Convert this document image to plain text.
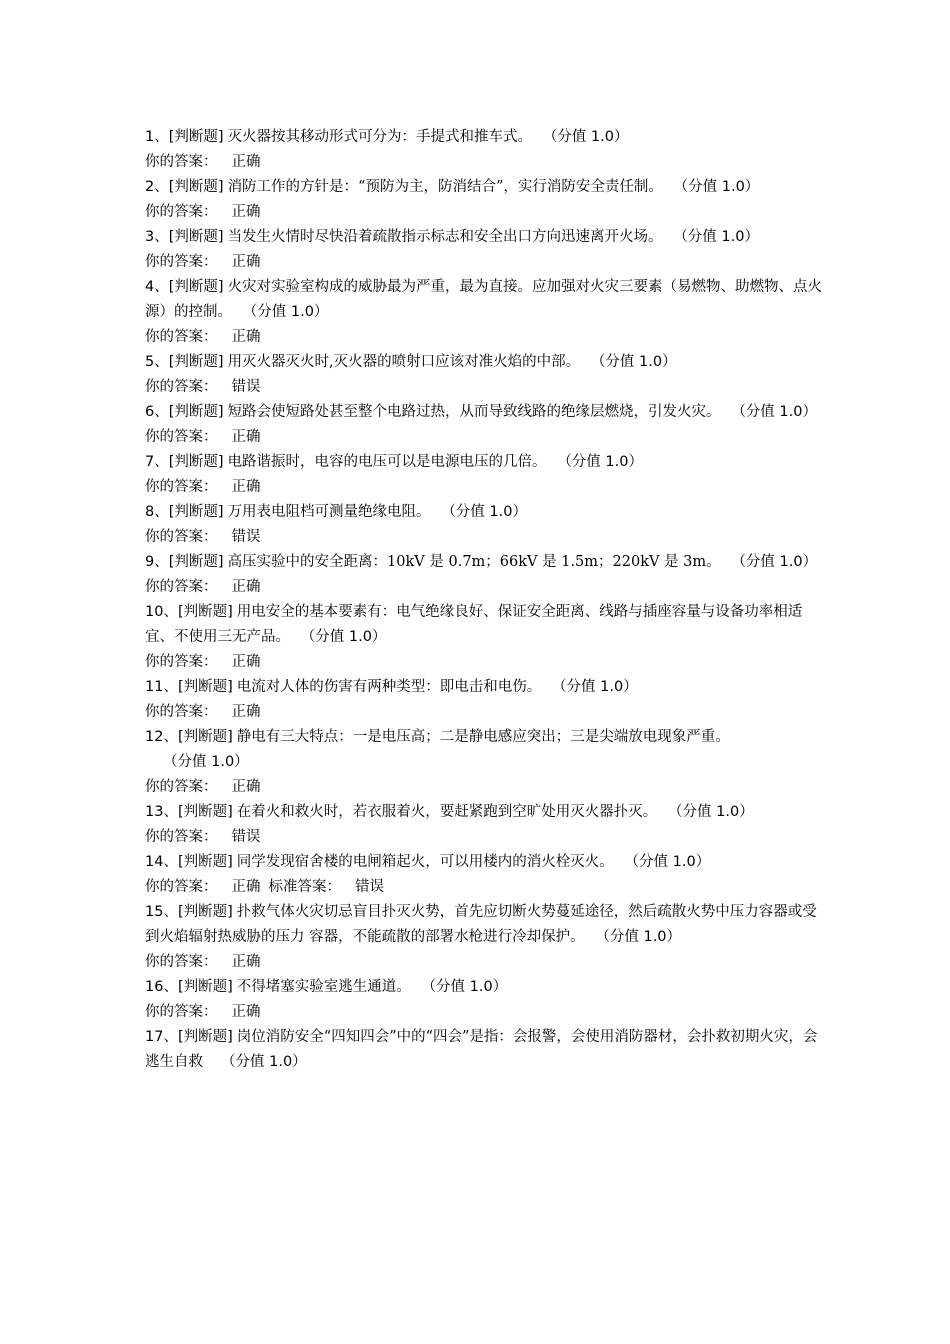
1、[判断题] 灭火器按其移动形式可分为：手提式和推车式。 （分值 1.0）

你的答案： 正确

2、[判断题] 消防工作的方针是：“预防为主，防消结合”，实行消防安全责任制。 （分值 1.0）

你的答案： 正确

3、[判断题] 当发生火情时尽快沿着疏散指示标志和安全出口方向迅速离开火场。 （分值 1.0）

你的答案： 正确

4、[判断题] 火灾对实验室构成的威胁最为严重，最为直接。应加强对火灾三要素（易燃物、助燃物、点火源）的控制。 （分值 1.0）

你的答案： 正确

5、[判断题] 用灭火器灭火时,灭火器的喷射口应该对准火焰的中部。 （分值 1.0）

你的答案： 错误

6、[判断题] 短路会使短路处甚至整个电路过热，从而导致线路的绝缘层燃烧，引发火灾。 （分值 1.0）

你的答案： 正确

7、[判断题] 电路谐振时，电容的电压可以是电源电压的几倍。 （分值 1.0）

你的答案： 正确

8、[判断题] 万用表电阻档可测量绝缘电阻。 （分值 1.0）

你的答案： 错误

9、[判断题] 高压实验中的安全距离：10kV 是 0.7m；66kV 是 1.5m；220kV 是 3m。 （分值 1.0）

你的答案： 正确

10、[判断题] 用电安全的基本要素有：电气绝缘良好、保证安全距离、线路与插座容量与设备功率相适宜、不使用三无产品。 （分值 1.0）

你的答案： 正确

11、[判断题] 电流对人体的伤害有两种类型：即电击和电伤。 （分值 1.0）

你的答案： 正确

12、[判断题] 静电有三大特点：一是电压高；二是静电感应突出；三是尖端放电现象严重。（分值 1.0）

你的答案： 正确

13、[判断题] 在着火和救火时，若衣服着火，要赶紧跑到空旷处用灭火器扑灭。 （分值 1.0）

你的答案： 错误

14、[判断题] 同学发现宿舍楼的电闸箱起火，可以用楼内的消火栓灭火。 （分值 1.0）

你的答案： 正确 标准答案： 错误

15、[判断题] 扑救气体火灾切忌盲目扑灭火势，首先应切断火势蔓延途径，然后疏散火势中压力容器或受到火焰辐射热威胁的压力 容器，不能疏散的部署水枪进行冷却保护。 （分值 1.0）

你的答案： 正确

16、[判断题] 不得堵塞实验室逃生通道。 （分值 1.0）

你的答案： 正确

17、[判断题] 岗位消防安全“四知四会”中的“四会”是指：会报警，会使用消防器材，会扑救初期火灾，会逃生自救 （分值 1.0）
